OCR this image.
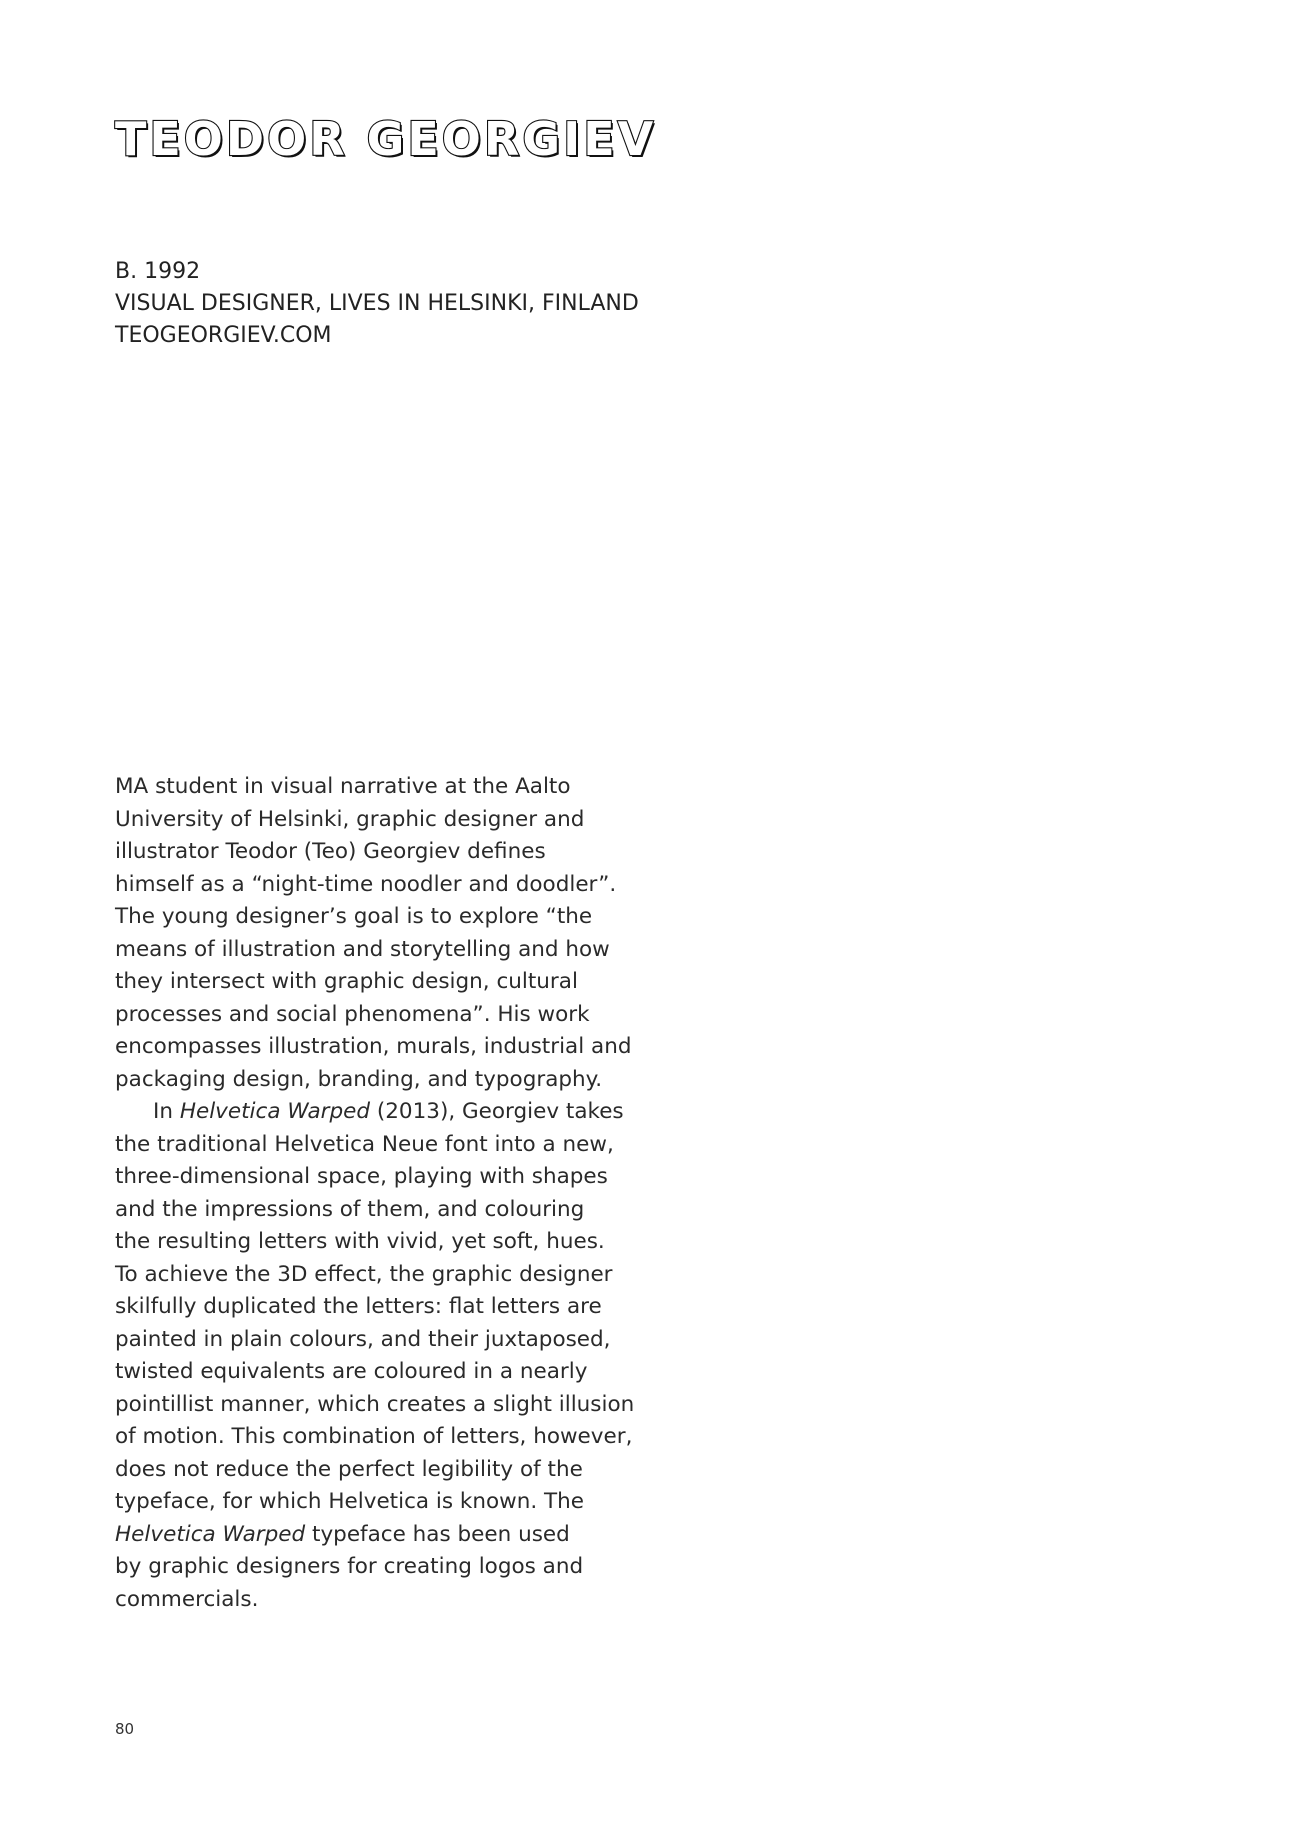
TEODOR GEORGIEV
B. 1992
VISUAL DESIGNER, LIVES IN HELSINKI, FINLAND
TEOGEORGIEV.COM
MA student in visual narrative at the Aalto
University of Helsinki, graphic designer and
illustrator Teodor (Teo) Georgiev defines
himself as a “night-time noodler and doodler”.
The young designer’s goal is to explore “the
means of illustration and storytelling and how
they intersect with graphic design, cultural
processes and social phenomena”. His work
encompasses illustration, murals, industrial and
packaging design, branding, and typography.
In Helvetica Warped (2013), Georgiev takes
the traditional Helvetica Neue font into a new,
three-dimensional space, playing with shapes
and the impressions of them, and colouring
the resulting letters with vivid, yet soft, hues.
To achieve the 3D effect, the graphic designer
skilfully duplicated the letters: flat letters are
painted in plain colours, and their juxtaposed,
twisted equivalents are coloured in a nearly
pointillist manner, which creates a slight illusion
of motion. This combination of letters, however,
does not reduce the perfect legibility of the
typeface, for which Helvetica is known. The
Helvetica Warped typeface has been used
by graphic designers for creating logos and
commercials.
80
